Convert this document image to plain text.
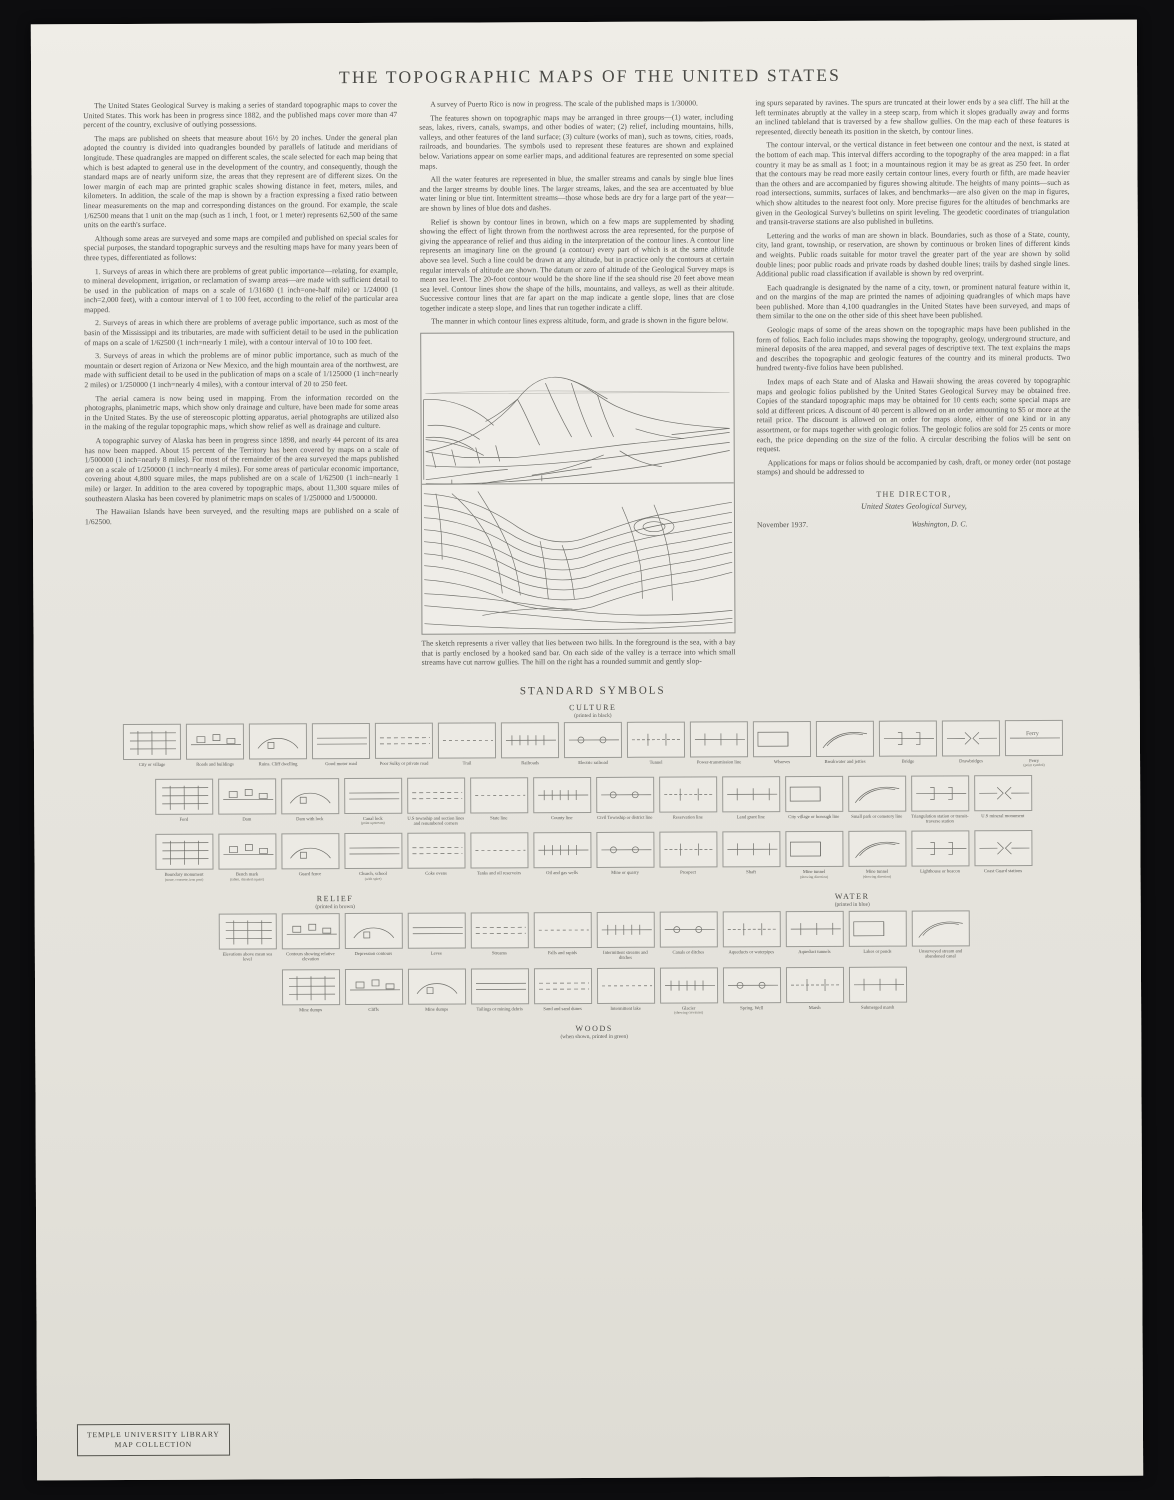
THE TOPOGRAPHIC MAPS OF THE UNITED STATES

The United States Geological Survey is making a series of standard topographic maps to cover the United States. This work has been in progress since 1882, and the published maps cover more than 47 percent of the country, exclusive of outlying possessions.

The maps are published on sheets that measure about 16½ by 20 inches. Under the general plan adopted the country is divided into quadrangles bounded by parallels of latitude and meridians of longitude. These quadrangles are mapped on different scales, the scale selected for each map being that which is best adapted to general use in the development of the country, and consequently, though the standard maps are of nearly uniform size, the areas that they represent are of different sizes. On the lower margin of each map are printed graphic scales showing distance in feet, meters, miles, and kilometers. In addition, the scale of the map is shown by a fraction expressing a fixed ratio between linear measurements on the map and corresponding distances on the ground. For example, the scale 1/62500 means that 1 unit on the map (such as 1 inch, 1 foot, or 1 meter) represents 62,500 of the same units on the earth's surface.

Although some areas are surveyed and some maps are compiled and published on special scales for special purposes, the standard topographic surveys and the resulting maps have for many years been of three types, differentiated as follows:

1. Surveys of areas in which there are problems of great public importance—relating, for example, to mineral development, irrigation, or reclamation of swamp areas—are made with sufficient detail to be used in the publication of maps on a scale of 1/31680 (1 inch=one-half mile) or 1/24000 (1 inch=2,000 feet), with a contour interval of 1 to 100 feet, according to the relief of the particular area mapped.

2. Surveys of areas in which there are problems of average public importance, such as most of the basin of the Mississippi and its tributaries, are made with sufficient detail to be used in the publication of maps on a scale of 1/62500 (1 inch=nearly 1 mile), with a contour interval of 10 to 100 feet.

3. Surveys of areas in which the problems are of minor public importance, such as much of the mountain or desert region of Arizona or New Mexico, and the high mountain area of the northwest, are made with sufficient detail to be used in the publication of maps on a scale of 1/125000 (1 inch=nearly 2 miles) or 1/250000 (1 inch=nearly 4 miles), with a contour interval of 20 to 250 feet.

The aerial camera is now being used in mapping. From the information recorded on the photographs, planimetric maps, which show only drainage and culture, have been made for some areas in the United States. By the use of stereoscopic plotting apparatus, aerial photographs are utilized also in the making of the regular topographic maps, which show relief as well as drainage and culture.

A topographic survey of Alaska has been in progress since 1898, and nearly 44 percent of its area has now been mapped. About 15 percent of the Territory has been covered by maps on a scale of 1/500000 (1 inch=nearly 8 miles). For most of the remainder of the area surveyed the maps published are on a scale of 1/250000 (1 inch=nearly 4 miles). For some areas of particular economic importance, covering about 4,800 square miles, the maps published are on a scale of 1/62500 (1 inch=nearly 1 mile) or larger. In addition to the area covered by topographic maps, about 11,300 square miles of southeastern Alaska has been covered by planimetric maps on scales of 1/250000 and 1/500000.

The Hawaiian Islands have been surveyed, and the resulting maps are published on a scale of 1/62500.

A survey of Puerto Rico is now in progress. The scale of the published maps is 1/30000.

The features shown on topographic maps may be arranged in three groups—(1) water, including seas, lakes, rivers, canals, swamps, and other bodies of water; (2) relief, including mountains, hills, valleys, and other features of the land surface; (3) culture (works of man), such as towns, cities, roads, railroads, and boundaries. The symbols used to represent these features are shown and explained below. Variations appear on some earlier maps, and additional features are represented on some special maps.

All the water features are represented in blue, the smaller streams and canals by single blue lines and the larger streams by double lines. The larger streams, lakes, and the sea are accentuated by blue water lining or blue tint. Intermittent streams—those whose beds are dry for a large part of the year—are shown by lines of blue dots and dashes.

Relief is shown by contour lines in brown, which on a few maps are supplemented by shading showing the effect of light thrown from the northwest across the area represented, for the purpose of giving the appearance of relief and thus aiding in the interpretation of the contour lines. A contour line represents an imaginary line on the ground (a contour) every part of which is at the same altitude above sea level. Such a line could be drawn at any altitude, but in practice only the contours at certain regular intervals of altitude are shown. The datum or zero of altitude of the Geological Survey maps is mean sea level. The 20-foot contour would be the shore line if the sea should rise 20 feet above mean sea level. Contour lines show the shape of the hills, mountains, and valleys, as well as their altitude. Successive contour lines that are far apart on the map indicate a gentle slope, lines that are close together indicate a steep slope, and lines that run together indicate a cliff.

The manner in which contour lines express altitude, form, and grade is shown in the figure below.

The sketch represents a river valley that lies between two hills. In the foreground is the sea, with a bay that is partly enclosed by a hooked sand bar. On each side of the valley is a terrace into which small streams have cut narrow gullies. The hill on the right has a rounded summit and gently slop-

ing spurs separated by ravines. The spurs are truncated at their lower ends by a sea cliff. The hill at the left terminates abruptly at the valley in a steep scarp, from which it slopes gradually away and forms an inclined tableland that is traversed by a few shallow gullies. On the map each of these features is represented, directly beneath its position in the sketch, by contour lines.

The contour interval, or the vertical distance in feet between one contour and the next, is stated at the bottom of each map. This interval differs according to the topography of the area mapped: in a flat country it may be as small as 1 foot; in a mountainous region it may be as great as 250 feet. In order that the contours may be read more easily certain contour lines, every fourth or fifth, are made heavier than the others and are accompanied by figures showing altitude. The heights of many points—such as road intersections, summits, surfaces of lakes, and benchmarks—are also given on the map in figures, which show altitudes to the nearest foot only. More precise figures for the altitudes of benchmarks are given in the Geological Survey's bulletins on spirit leveling. The geodetic coordinates of triangulation and transit-traverse stations are also published in bulletins.

Lettering and the works of man are shown in black. Boundaries, such as those of a State, county, city, land grant, township, or reservation, are shown by continuous or broken lines of different kinds and weights. Public roads suitable for motor travel the greater part of the year are shown by solid double lines; poor public roads and private roads by dashed double lines; trails by dashed single lines. Additional public road classification if available is shown by red overprint.

Each quadrangle is designated by the name of a city, town, or prominent natural feature within it, and on the margins of the map are printed the names of adjoining quadrangles of which maps have been published. More than 4,100 quadrangles in the United States have been surveyed, and maps of them similar to the one on the other side of this sheet have been published.

Geologic maps of some of the areas shown on the topographic maps have been published in the form of folios. Each folio includes maps showing the topography, geology, underground structure, and mineral deposits of the area mapped, and several pages of descriptive text. The text explains the maps and describes the topographic and geologic features of the country and its mineral products. Two hundred twenty-five folios have been published.

Index maps of each State and of Alaska and Hawaii showing the areas covered by topographic maps and geologic folios published by the United States Geological Survey may be obtained free. Copies of the standard topographic maps may be obtained for 10 cents each; some special maps are sold at different prices. A discount of 40 percent is allowed on an order amounting to $5 or more at the retail price. The discount is allowed on an order for maps alone, either of one kind or in any assortment, or for maps together with geologic folios. The geologic folios are sold for 25 cents or more each, the price depending on the size of the folio. A circular describing the folios will be sent on request.

Applications for maps or folios should be accompanied by cash, draft, or money order (not postage stamps) and should be addressed to

THE DIRECTOR,
United States Geological Survey,
November 1937.	Washington, D. C.
STANDARD SYMBOLS
CULTURE
(printed in black)
City or village	Roads and buildings	Ruins. Cliff dwelling	Good motor road	Poor Sulky or private road	Trail	Railroads	Electric railroad	Tunnel	Power-transmission line	Wharves	Breakwater and jetties	Bridge	Drawbridges
Ferry
Ferry
(point symbol)
Ford	Dam	Dam with lock	Canal lock
(point upstream)
U.S township and section lines and renumbered corners
State line	County line	Civil Township or district line	Reservation line	Land grant line	City village or borough line	Small park or cemetery line	Triangulation station or transit-traverse station
U.S mineral monument
Boundary monument
(stone, concrete, iron post)
Bench mark
(tablet, chiseled square)
Guard fence	Church, school
(with spire)
Coke ovens	Tanks and oil reservoirs	Oil and gas wells	Mine or quarry	Prospect	Shaft	Mine tunnel
(showing direction)
Mine tunnel
(showing direction)
Lighthouse or beacon	Coast Guard stations
RELIEF
(printed in brown)
WATER
(printed in blue)
Elevations above mean sea level
Contours showing relative elevation
Depression contours	Levee	Streams	Falls and rapids	Intermittent streams and ditches
Canals or ditches	Aqueducts or waterpipes	Aqueduct tunnels	Lakes or ponds	Unsurveyed stream and abandoned canal
Mine dumps	Cliffs	Mine dumps	Tailings or mining debris	Sand and sand dunes	Intermittent lake	Glacier
(showing crevasses)
Spring. Well	Marsh	Submerged marsh
WOODS
(when shown, printed in green)
TEMPLE UNIVERSITY LIBRARY
MAP COLLECTION
